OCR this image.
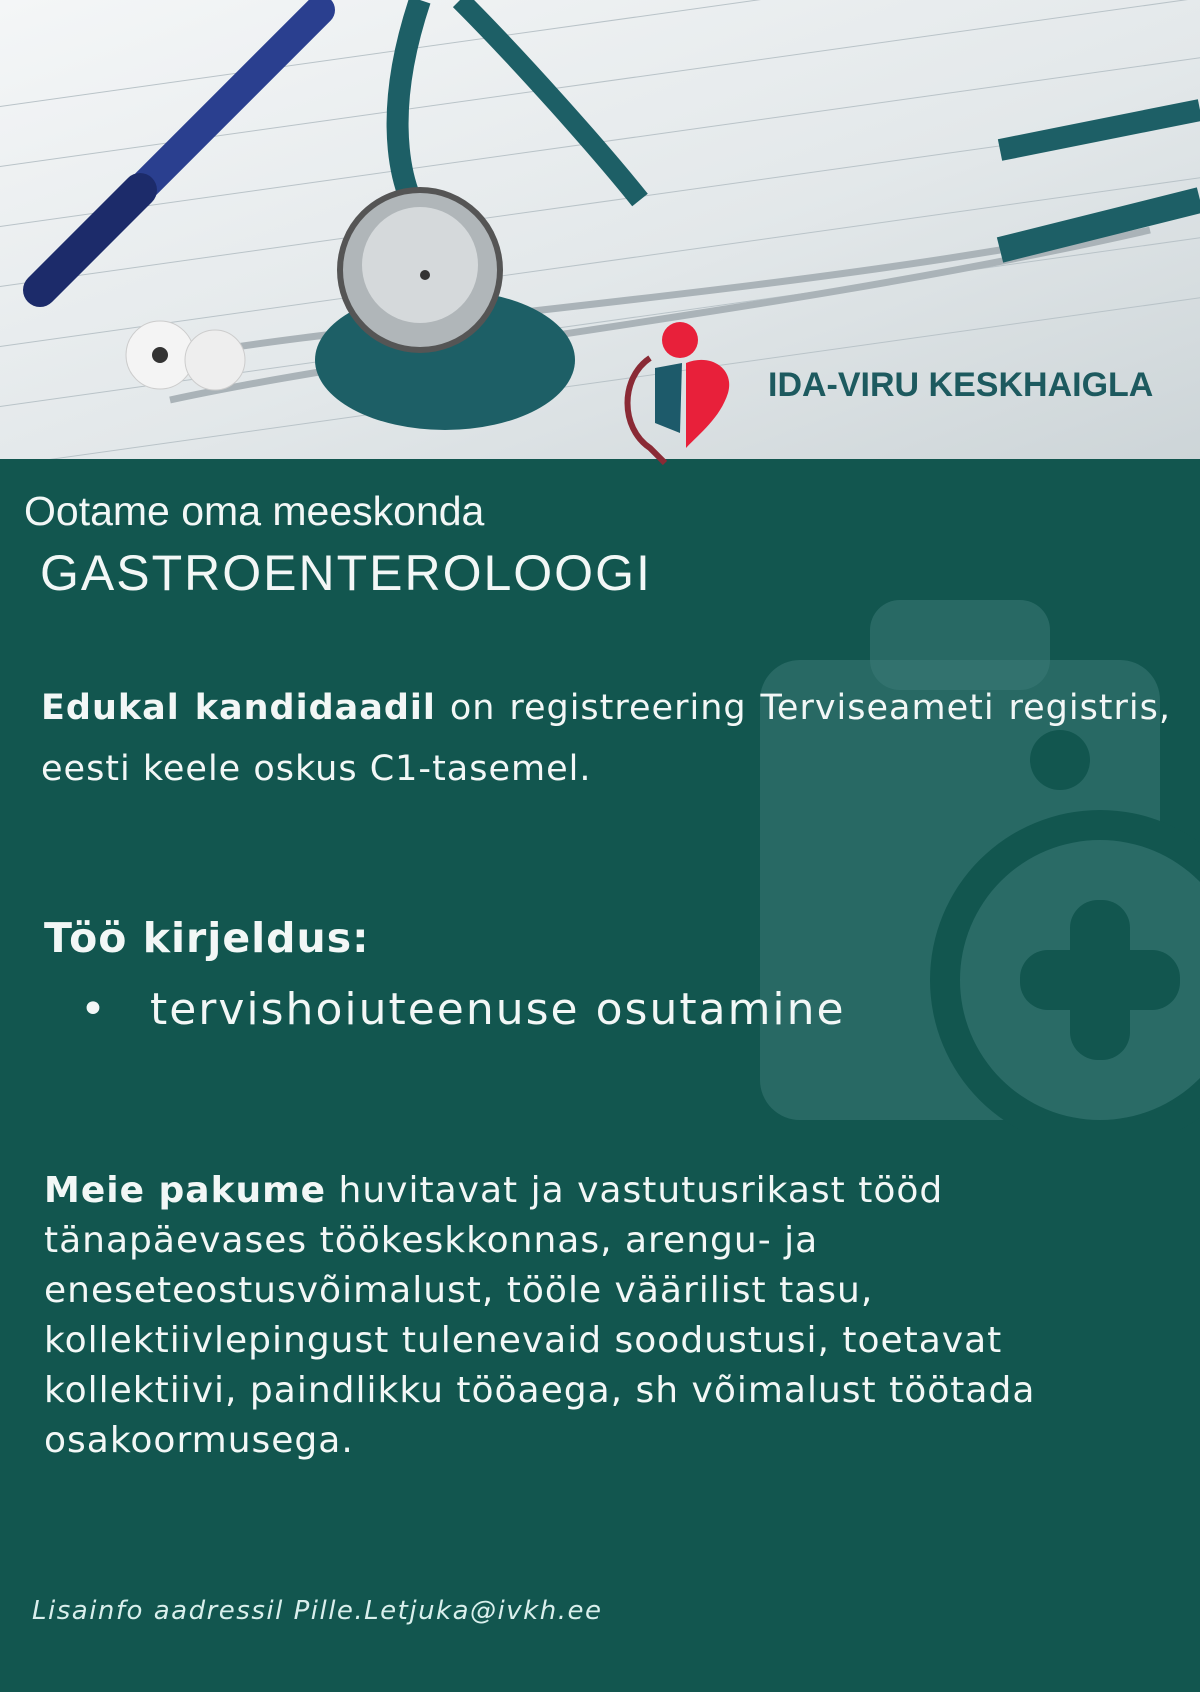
IDA-VIRU KESKHAIGLA

Ootame oma meeskonda

GASTROENTEROLOOGI

Edukal kandidaadil on registreering Terviseameti registris, eesti keele oskus C1-tasemel.

Töö kirjeldus:
• tervishoiuteenuse osutamine

Meie pakume huvitavat ja vastutusrikast tööd tänapäevases töökeskkonnas, arengu- ja eneseteostusvõimalust, tööle väärilist tasu, kollektiivlepingust tulenevaid soodustusi, toetavat kollektiivi, paindlikku tööaega, sh võimalust töötada osakoormusega.

Lisainfo aadressil Pille.Letjuka@ivkh.ee
